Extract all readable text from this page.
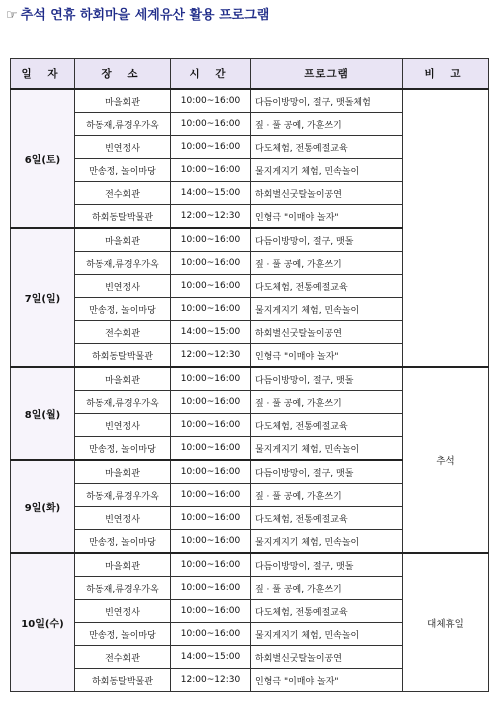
☞ 추석 연휴 하회마을 세계유산 활용 프로그램
일 자	장 소	시 간	프로그램	비 고
6일(토)	마을회관	10:00~16:00	다듬이방망이, 절구, 맷돌체험	
	하동재,류경우가옥	10:00~16:00	짚 · 풀 공예, 가훈쓰기	
	빈연정사	10:00~16:00	다도체험, 전통예절교육	
	만송정, 놀이마당	10:00~16:00	물지게지기 체험, 민속놀이	
	전수회관	14:00~15:00	하회별신굿탈놀이공연	
	하회동탈박물관	12:00~12:30	인형극 "이매야 놀자"	
7일(일)	마을회관	10:00~16:00	다듬이방망이, 절구, 맷돌	
	하동재,류경우가옥	10:00~16:00	짚 · 풀 공예, 가훈쓰기	
	빈연정사	10:00~16:00	다도체험, 전통예절교육	
	만송정, 놀이마당	10:00~16:00	물지게지기 체험, 민속놀이	
	전수회관	14:00~15:00	하회별신굿탈놀이공연	
	하회동탈박물관	12:00~12:30	인형극 "이매야 놀자"	
8일(월)	마을회관	10:00~16:00	다듬이방망이, 절구, 맷돌	추석
	하동재,류경우가옥	10:00~16:00	짚 · 풀 공예, 가훈쓰기	
	빈연정사	10:00~16:00	다도체험, 전통예절교육	
	만송정, 놀이마당	10:00~16:00	물지게지기 체험, 민속놀이	
9일(화)	마을회관	10:00~16:00	다듬이방망이, 절구, 맷돌	
	하동재,류경우가옥	10:00~16:00	짚 · 풀 공예, 가훈쓰기	
	빈연정사	10:00~16:00	다도체험, 전통예절교육	
	만송정, 놀이마당	10:00~16:00	물지게지기 체험, 민속놀이	
10일(수)	마을회관	10:00~16:00	다듬이방망이, 절구, 맷돌	대체휴일
	하동재,류경우가옥	10:00~16:00	짚 · 풀 공예, 가훈쓰기	
	빈연정사	10:00~16:00	다도체험, 전통예절교육	
	만송정, 놀이마당	10:00~16:00	물지게지기 체험, 민속놀이	
	전수회관	14:00~15:00	하회별신굿탈놀이공연	
	하회동탈박물관	12:00~12:30	인형극 "이매야 놀자"	
